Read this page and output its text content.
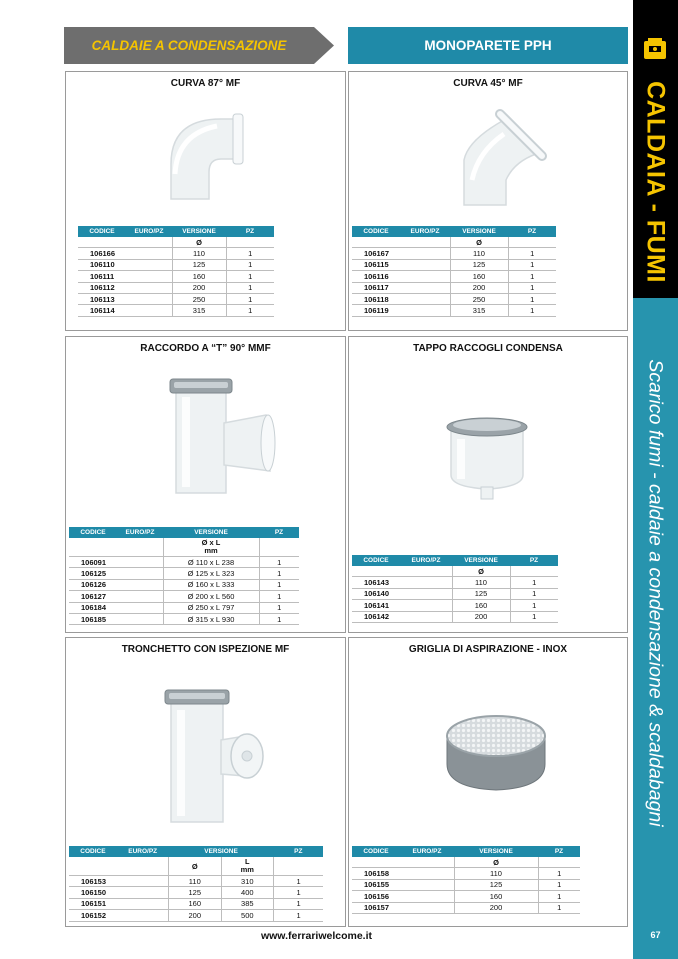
CALDAIE A CONDENSAZIONE	MONOPARETE PPH
CALDAIA - FUMI
Scarico fumi - caldaie a condensazione & scaldabagni
67
CURVA 87° MF
CODICE	EURO/PZ	VERSIONE	PZ
		Ø	
106166		110	1
106110		125	1
106111		160	1
106112		200	1
106113		250	1
106114		315	1
CURVA 45° MF
CODICE	EURO/PZ	VERSIONE	PZ
		Ø	
106167		110	1
106115		125	1
106116		160	1
106117		200	1
106118		250	1
106119		315	1
RACCORDO A “T” 90° MMF
CODICE	EURO/PZ	VERSIONE	PZ
		Ø x L
mm	
106091		Ø 110 x L 238	1
106125		Ø 125 x L 323	1
106126		Ø 160 x L 333	1
106127		Ø 200 x L 560	1
106184		Ø 250 x L 797	1
106185		Ø 315 x L 930	1
TAPPO RACCOGLI CONDENSA
CODICE	EURO/PZ	VERSIONE	PZ
		Ø	
106143		110	1
106140		125	1
106141		160	1
106142		200	1
TRONCHETTO CON ISPEZIONE MF
CODICE	EURO/PZ	VERSIONE		PZ
		Ø	L
mm	
106153		110	310	1
106150		125	400	1
106151		160	385	1
106152		200	500	1
GRIGLIA DI ASPIRAZIONE - INOX
CODICE	EURO/PZ	VERSIONE	PZ
		Ø	
106158		110	1
106155		125	1
106156		160	1
106157		200	1
www.ferrariwelcome.it
